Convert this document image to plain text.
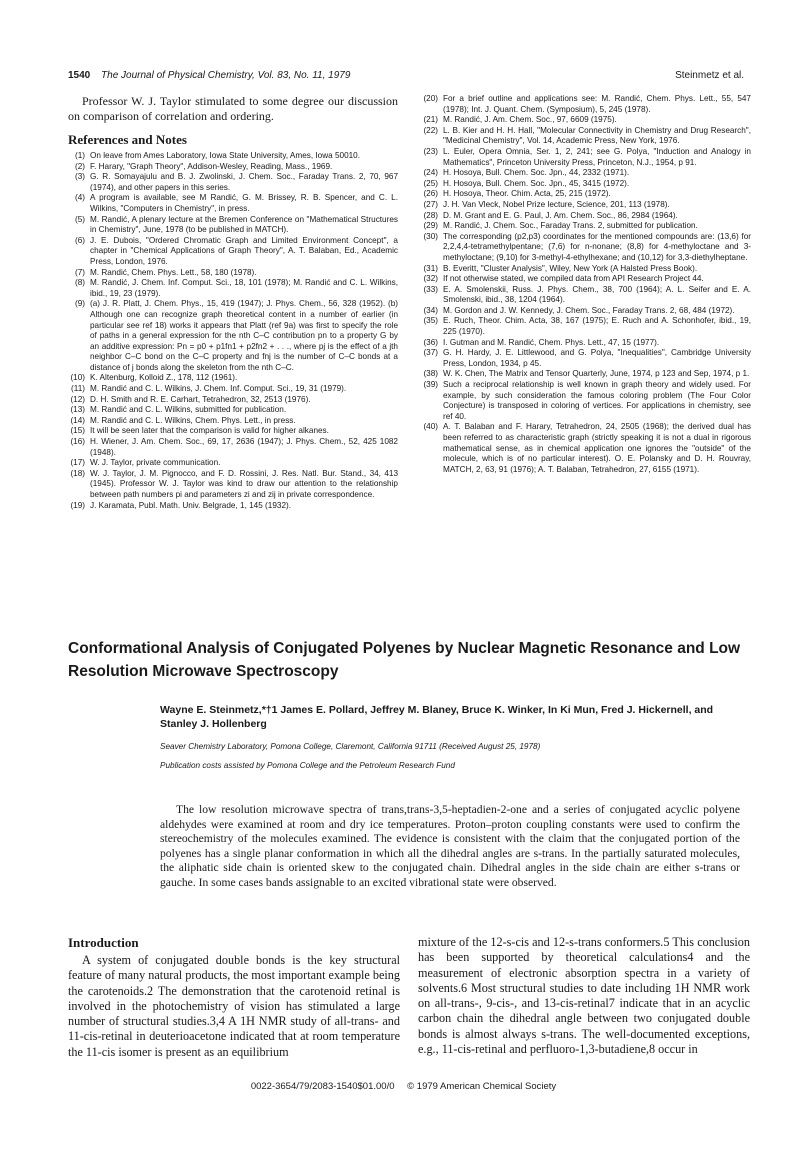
1540 The Journal of Physical Chemistry, Vol. 83, No. 11, 1979	Steinmetz et al.

Professor W. J. Taylor stimulated to some degree our discussion on comparison of correlation and ordering.

References and Notes
(1) On leave from Ames Laboratory, Iowa State University, Ames, Iowa 50010.
(2) F. Harary, "Graph Theory", Addison-Wesley, Reading, Mass., 1969.
(3) G. R. Somayajulu and B. J. Zwolinski, J. Chem. Soc., Faraday Trans. 2, 70, 967 (1974), and other papers in this series.
(4) A program is available, see M Randić, G. M. Brissey, R. B. Spencer, and C. L. Wilkins, "Computers in Chemistry", in press.
(5) M. Randić, A plenary lecture at the Bremen Conference on "Mathematical Structures in Chemistry", June, 1978 (to be published in MATCH).
(6) J. E. Dubois, "Ordered Chromatic Graph and Limited Environment Concept", a chapter in "Chemical Applications of Graph Theory", A. T. Balaban, Ed., Academic Press, London, 1976.
(7) M. Randić, Chem. Phys. Lett., 58, 180 (1978).
(8) M. Randić, J. Chem. Inf. Comput. Sci., 18, 101 (1978); M. Randić and C. L. Wilkins, ibid., 19, 23 (1979).
(9) (a) J. R. Platt, J. Chem. Phys., 15, 419 (1947); J. Phys. Chem., 56, 328 (1952). (b) Although one can recognize graph theoretical content in a number of earlier (in particular see ref 18) works it appears that Platt (ref 9a) was first to specify the role of paths in a general expression for the nth C–C contribution pn to a property G by an additive expression: Pn = p0 + p1fn1 + p2fn2 + . . ., where pj is the effect of a jth neighbor C–C bond on the C–C property and fnj is the number of C–C bonds at a distance of j bonds along the skeleton from the nth C–C.
(10) K. Altenburg, Kolloid Z., 178, 112 (1961).
(11) M. Randić and C. L. Wilkins, J. Chem. Inf. Comput. Sci., 19, 31 (1979).
(12) D. H. Smith and R. E. Carhart, Tetrahedron, 32, 2513 (1976).
(13) M. Randić and C. L. Wilkins, submitted for publication.
(14) M. Randić and C. L. Wilkins, Chem. Phys. Lett., in press.
(15) It will be seen later that the comparison is valid for higher alkanes.
(16) H. Wiener, J. Am. Chem. Soc., 69, 17, 2636 (1947); J. Phys. Chem., 52, 425 1082 (1948).
(17) W. J. Taylor, private communication.
(18) W. J. Taylor, J. M. Pignocco, and F. D. Rossini, J. Res. Natl. Bur. Stand., 34, 413 (1945). Professor W. J. Taylor was kind to draw our attention to the relationship between path numbers pi and parameters zi and zij in private correspondence.
(19) J. Karamata, Publ. Math. Univ. Belgrade, 1, 145 (1932).
(20) For a brief outline and applications see: M. Randić, Chem. Phys. Lett., 55, 547 (1978); Int. J. Quant. Chem. (Symposium), 5, 245 (1978).
(21) M. Randić, J. Am. Chem. Soc., 97, 6609 (1975).
(22) L. B. Kier and H. H. Hall, "Molecular Connectivity in Chemistry and Drug Research", "Medicinal Chemistry", Vol. 14, Academic Press, New York, 1976.
(23) L. Euler, Opera Omnia, Ser. 1, 2, 241; see G. Polya, "Induction and Analogy in Mathematics", Princeton University Press, Princeton, N.J., 1954, p 91.
(24) H. Hosoya, Bull. Chem. Soc. Jpn., 44, 2332 (1971).
(25) H. Hosoya, Bull. Chem. Soc. Jpn., 45, 3415 (1972).
(26) H. Hosoya, Theor. Chim. Acta, 25, 215 (1972).
(27) J. H. Van Vleck, Nobel Prize lecture, Science, 201, 113 (1978).
(28) D. M. Grant and E. G. Paul, J. Am. Chem. Soc., 86, 2984 (1964).
(29) M. Randić, J. Chem. Soc., Faraday Trans. 2, submitted for publication.
(30) The corresponding (p2,p3) coordinates for the mentioned compounds are: (13,6) for 2,2,4,4-tetramethylpentane; (7,6) for n-nonane; (8,8) for 4-methyloctane and 3-methyloctane; (9,10) for 3-methyl-4-ethylhexane; and (10,12) for 3,3-diethylheptane.
(31) B. Everitt, "Cluster Analysis", Wiley, New York (A Halsted Press Book).
(32) If not otherwise stated, we compiled data from API Research Project 44.
(33) E. A. Smolenskii, Russ. J. Phys. Chem., 38, 700 (1964); A. L. Seifer and E. A. Smolenski, ibid., 38, 1204 (1964).
(34) M. Gordon and J. W. Kennedy, J. Chem. Soc., Faraday Trans. 2, 68, 484 (1972).
(35) E. Ruch, Theor. Chim. Acta, 38, 167 (1975); E. Ruch and A. Schonhofer, ibid., 19, 225 (1970).
(36) I. Gutman and M. Randić, Chem. Phys. Lett., 47, 15 (1977).
(37) G. H. Hardy, J. E. Littlewood, and G. Polya, "Inequalities", Cambridge University Press, London, 1934, p 45.
(38) W. K. Chen, The Matrix and Tensor Quarterly, June, 1974, p 123 and Sep, 1974, p 1.
(39) Such a reciprocal relationship is well known in graph theory and widely used. For example, by such consideration the famous coloring problem (The Four Color Conjecture) is transposed in coloring of vertices. For applications in chemistry, see ref 40.
(40) A. T. Balaban and F. Harary, Tetrahedron, 24, 2505 (1968); the derived dual has been referred to as characteristic graph (strictly speaking it is not a dual in rigorous mathematical sense, as in chemical application one ignores the "outside" of the molecule, which is of no particular interest). O. E. Polansky and D. H. Rouvray, MATCH, 2, 63, 91 (1976); A. T. Balaban, Tetrahedron, 27, 6155 (1971).
Conformational Analysis of Conjugated Polyenes by Nuclear Magnetic Resonance and Low Resolution Microwave Spectroscopy

Wayne E. Steinmetz,*†1 James E. Pollard, Jeffrey M. Blaney, Bruce K. Winker, In Ki Mun, Fred J. Hickernell, and Stanley J. Hollenberg

Seaver Chemistry Laboratory, Pomona College, Claremont, California 91711 (Received August 25, 1978)

Publication costs assisted by Pomona College and the Petroleum Research Fund

The low resolution microwave spectra of trans,trans-3,5-heptadien-2-one and a series of conjugated acyclic polyene aldehydes were examined at room and dry ice temperatures. Proton–proton coupling constants were used to confirm the stereochemistry of the molecules examined. The evidence is consistent with the claim that the conjugated portion of the polyenes has a single planar conformation in which all the dihedral angles are s-trans. In the partially saturated molecules, the aliphatic side chain is oriented skew to the conjugated chain. Dihedral angles in the side chain are either s-trans or gauche. In some cases bands assignable to an excited vibrational state were observed.

Introduction

A system of conjugated double bonds is the key structural feature of many natural products, the most important example being the carotenoids.2 The demonstration that the carotenoid retinal is involved in the photochemistry of vision has stimulated a large number of structural studies.3,4 A 1H NMR study of all-trans- and 11-cis-retinal in deuterioacetone indicated that at room temperature the 11-cis isomer is present as an equilibrium

mixture of the 12-s-cis and 12-s-trans conformers.5 This conclusion has been supported by theoretical calculations4 and the measurement of electronic absorption spectra in a variety of solvents.6 Most structural studies to date including 1H NMR work on all-trans-, 9-cis-, and 13-cis-retinal7 indicate that in an acyclic carbon chain the dihedral angle between two conjugated double bonds is almost always s-trans. The well-documented exceptions, e.g., 11-cis-retinal and perfluoro-1,3-butadiene,8 occur in

0022-3654/79/2083-1540$01.00/0 © 1979 American Chemical Society
